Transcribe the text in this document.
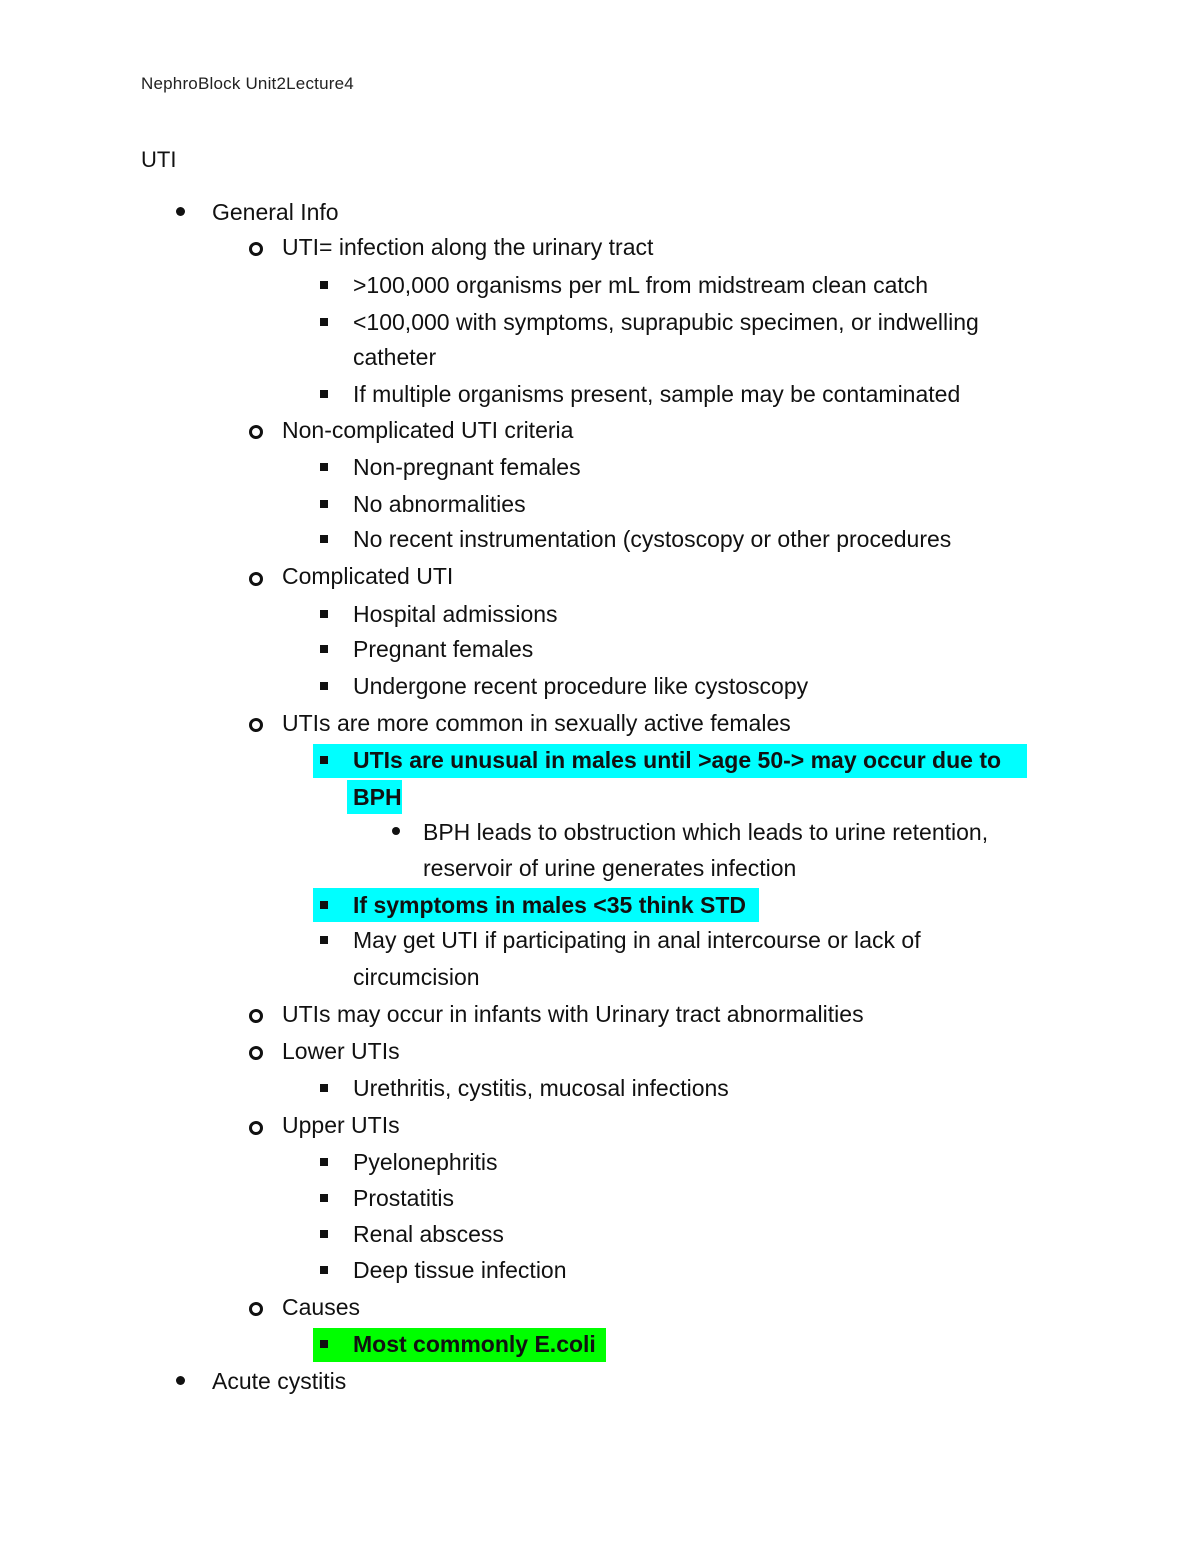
NephroBlock Unit2Lecture4
UTI
General Info
UTI= infection along the urinary tract
>100,000 organisms per mL from midstream clean catch
<100,000 with symptoms, suprapubic specimen, or indwelling
catheter
If multiple organisms present, sample may be contaminated
Non-complicated UTI criteria
Non-pregnant females
No abnormalities
No recent instrumentation (cystoscopy or other procedures
Complicated UTI
Hospital admissions
Pregnant females
Undergone recent procedure like cystoscopy
UTIs are more common in sexually active females
UTIs are unusual in males until >age 50-> may occur due to
BPH
BPH leads to obstruction which leads to urine retention,
reservoir of urine generates infection
If symptoms in males <35 think STD
May get UTI if participating in anal intercourse or lack of
circumcision
UTIs may occur in infants with Urinary tract abnormalities
Lower UTIs
Urethritis, cystitis, mucosal infections
Upper UTIs
Pyelonephritis
Prostatitis
Renal abscess
Deep tissue infection
Causes
Most commonly E.coli
Acute cystitis
